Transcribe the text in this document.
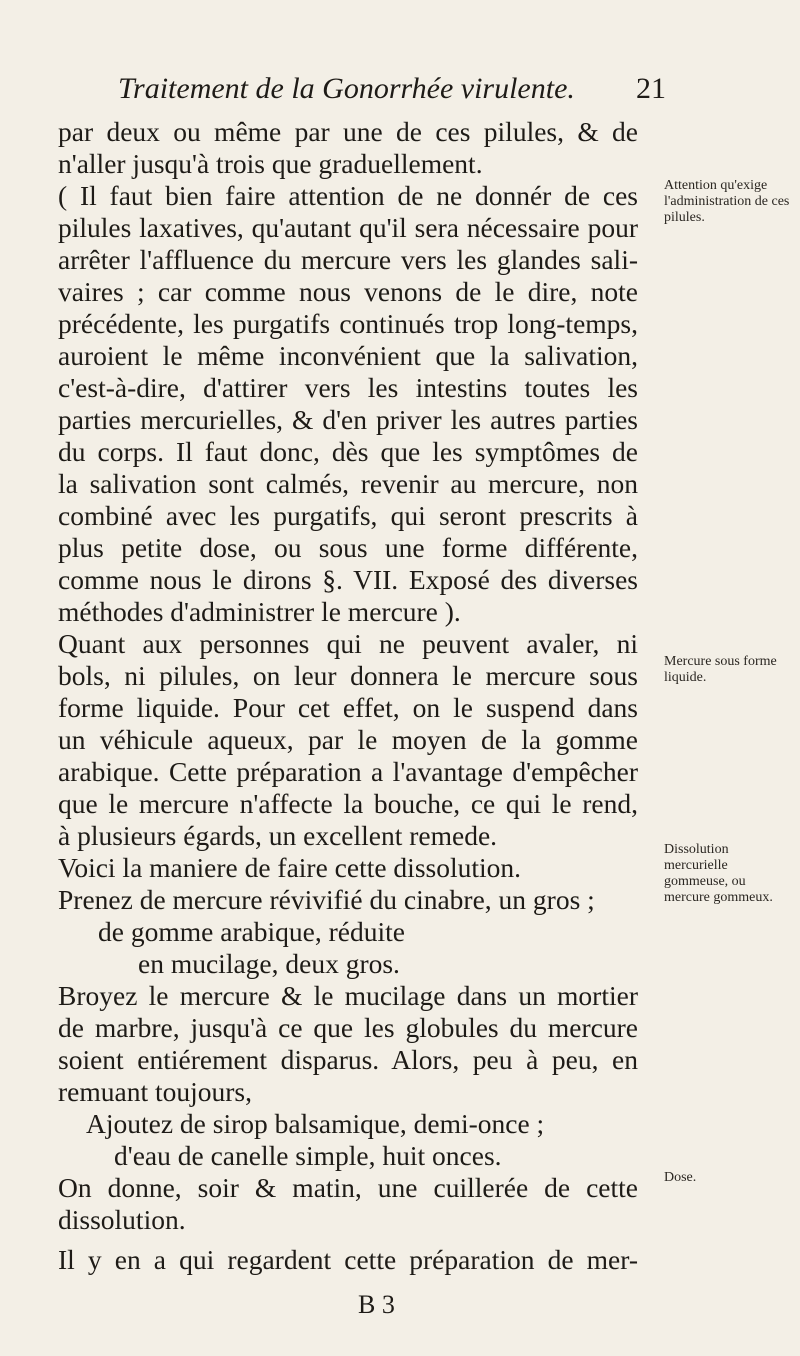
Traitement de la Gonorrhée virulente. 21
par deux ou même par une de ces pilules, & de
n'aller jusqu'à trois que graduellement.
( Il faut bien faire attention de ne donnér de ces
pilules laxatives, qu'autant qu'il sera nécessaire pour
arrêter l'affluence du mercure vers les glandes sali-
vaires ; car comme nous venons de le dire, note
précédente, les purgatifs continués trop long-temps,
auroient le même inconvénient que la salivation,
c'est-à-dire, d'attirer vers les intestins toutes les
parties mercurielles, & d'en priver les autres parties
du corps. Il faut donc, dès que les symptômes de
la salivation sont calmés, revenir au mercure, non
combiné avec les purgatifs, qui seront prescrits à
plus petite dose, ou sous une forme différente,
comme nous le dirons §. VII. Exposé des diverses
méthodes d'administrer le mercure ).
Quant aux personnes qui ne peuvent avaler, ni
bols, ni pilules, on leur donnera le mercure sous
forme liquide. Pour cet effet, on le suspend dans
un véhicule aqueux, par le moyen de la gomme
arabique. Cette préparation a l'avantage d'empêcher
que le mercure n'affecte la bouche, ce qui le rend,
à plusieurs égards, un excellent remede.
Voici la maniere de faire cette dissolution.
Prenez de mercure révivifié du cinabre, un gros ;
de gomme arabique, réduite
en mucilage, deux gros.
Broyez le mercure & le mucilage dans un mortier
de marbre, jusqu'à ce que les globules du mercure
soient entiérement disparus. Alors, peu à peu, en
remuant toujours,
Ajoutez de sirop balsamique, demi-once ;
d'eau de canelle simple, huit onces.
On donne, soir & matin, une cuillerée de cette
dissolution.
Il y en a qui regardent cette préparation de mer-
Attention qu'exige l'administration de ces pilules.
Mercure sous forme liquide.
Dissolution mercurielle gommeuse, ou mercure gommeux.
Dose.
B 3
